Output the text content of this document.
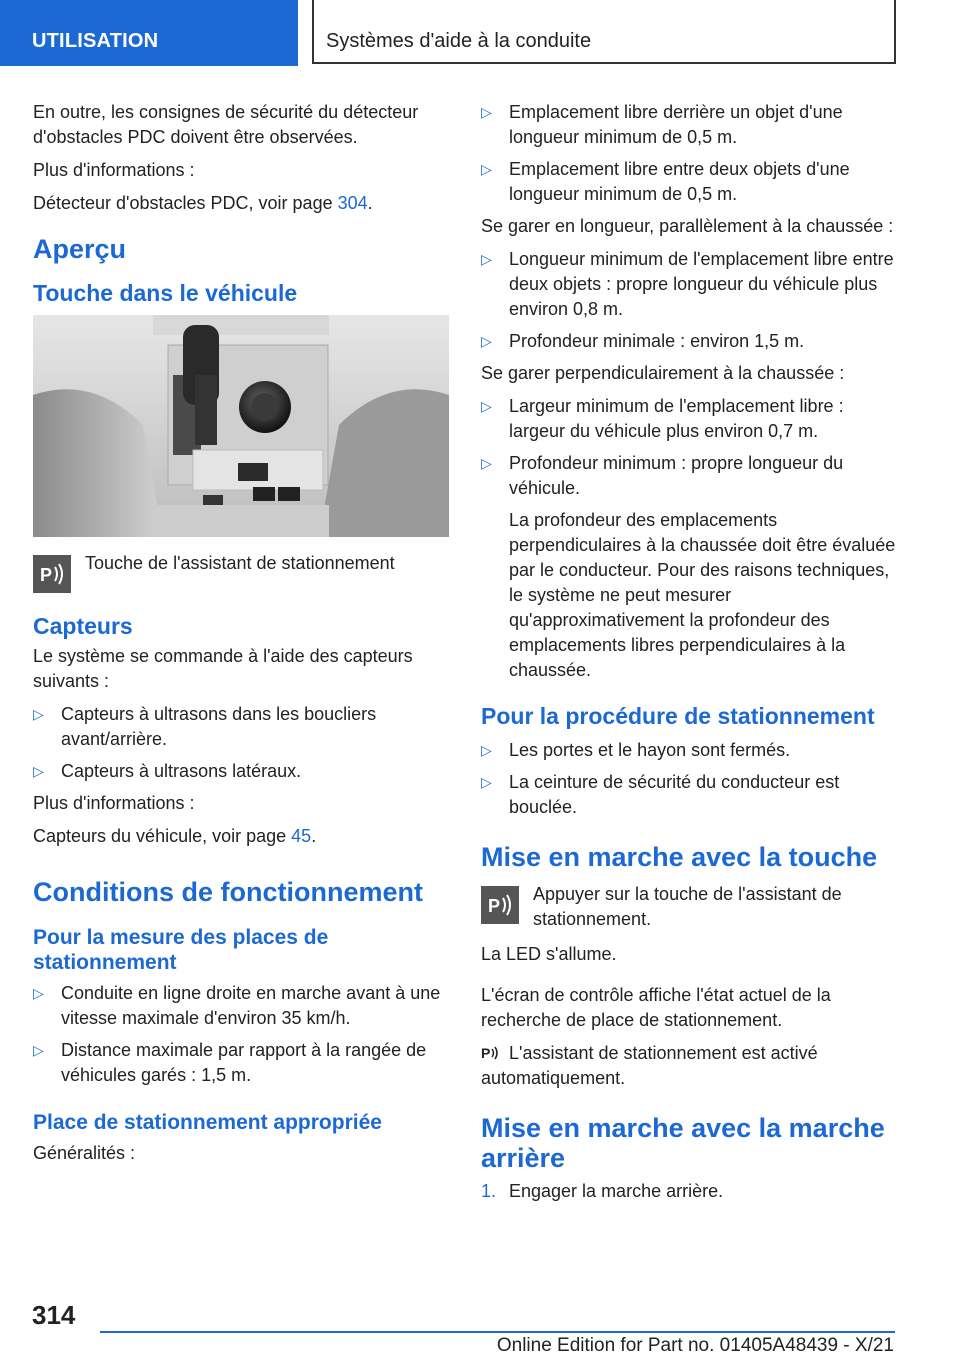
UTILISATION	Systèmes d'aide à la conduite

En outre, les consignes de sécurité du détecteur d'obstacles PDC doivent être observées.

Plus d'informations :

Détecteur d'obstacles PDC, voir page 304.

Aperçu
Touche dans le véhicule
P
Touche de l'assistant de stationnement
Capteurs

Le système se commande à l'aide des capteurs suivants :

▷ Capteurs à ultrasons dans les boucliers avant/arrière.
▷ Capteurs à ultrasons latéraux.

Plus d'informations :

Capteurs du véhicule, voir page 45.

Conditions de fonctionnement
Pour la mesure des places de stationnement
▷ Conduite en ligne droite en marche avant à une vitesse maximale d'environ 35 km/h.
▷ Distance maximale par rapport à la rangée de véhicules garés : 1,5 m.
Place de stationnement appropriée

Généralités :

▷ Emplacement libre derrière un objet d'une longueur minimum de 0,5 m.
▷ Emplacement libre entre deux objets d'une longueur minimum de 0,5 m.

Se garer en longueur, parallèlement à la chaussée :

▷ Longueur minimum de l'emplacement libre entre deux objets : propre longueur du véhicule plus environ 0,8 m.
▷ Profondeur minimale : environ 1,5 m.

Se garer perpendiculairement à la chaussée :

▷ Largeur minimum de l'emplacement libre : largeur du véhicule plus environ 0,7 m.
▷ Profondeur minimum : propre longueur du véhicule.

La profondeur des emplacements perpendiculaires à la chaussée doit être évaluée par le conducteur. Pour des raisons techniques, le système ne peut mesurer qu'approximativement la profondeur des emplacements libres perpendiculaires à la chaussée.

Pour la procédure de stationnement
▷ Les portes et le hayon sont fermés.
▷ La ceinture de sécurité du conducteur est bouclée.
Mise en marche avec la touche
P
Appuyer sur la touche de l'assistant de stationnement.

La LED s'allume.

L'écran de contrôle affiche l'état actuel de la recherche de place de stationnement.

P L'assistant de stationnement est activé automatiquement.

Mise en marche avec la marche arrière
1. Engager la marche arrière.
314
Online Edition for Part no. 01405A48439 - X/21
